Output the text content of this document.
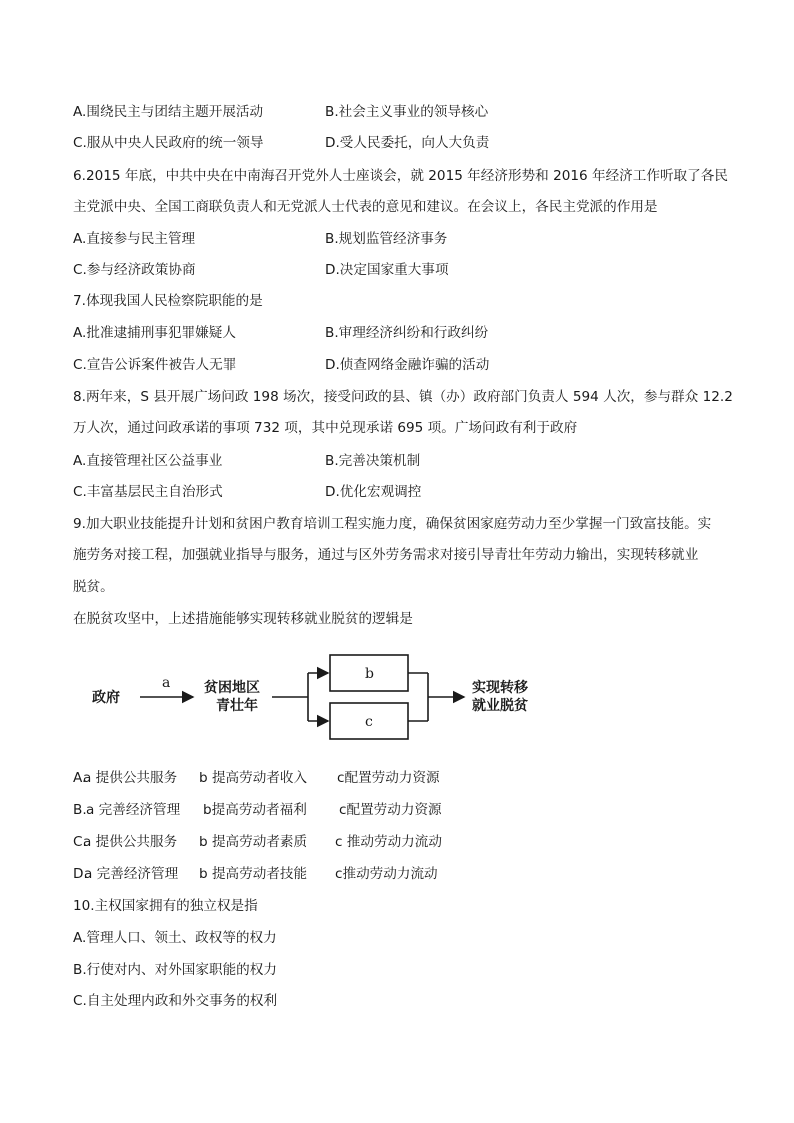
A.围绕民主与团结主题开展活动	B.社会主义事业的领导核心
C.服从中央人民政府的统一领导	D.受人民委托，向人大负责
6.2015 年底，中共中央在中南海召开党外人士座谈会，就 2015 年经济形势和 2016 年经济工作听取了各民
主党派中央、全国工商联负责人和无党派人士代表的意见和建议。在会议上，各民主党派的作用是
A.直接参与民主管理	B.规划监管经济事务
C.参与经济政策协商	D.决定国家重大事项
7.体现我国人民检察院职能的是
A.批准逮捕刑事犯罪嫌疑人	B.审理经济纠纷和行政纠纷
C.宣告公诉案件被告人无罪	D.侦查网络金融诈骗的活动
8.两年来，S 县开展广场问政 198 场次，接受问政的县、镇（办）政府部门负责人 594 人次，参与群众 12.2
万人次，通过问政承诺的事项 732 项，其中兑现承诺 695 项。广场问政有利于政府
A.直接管理社区公益事业	B.完善决策机制
C.丰富基层民主自治形式	D.优化宏观调控
9.加大职业技能提升计划和贫困户教育培训工程实施力度，确保贫困家庭劳动力至少掌握一门致富技能。实
施劳务对接工程，加强就业指导与服务，通过与区外劳务需求对接引导青壮年劳动力输出，实现转移就业
脱贫。
在脱贫攻坚中，上述措施能够实现转移就业脱贫的逻辑是
政府
a 贫困地区
青壮年
b
c
实现转移
就业脱贫
A.
a 提供公共服务 b 提高劳动者收入 c配置劳动力资源
B. a 完善经济管理 b提高劳动者福利 c配置劳动力资源
C.
a 提供公共服务 b 提高劳动者素质 c 推动劳动力流动
D.
a 完善经济管理 b 提高劳动者技能 c推动劳动力流动
10.主权国家拥有的独立权是指
A.管理人口、领土、政权等的权力
B.行使对内、对外国家职能的权力
C.自主处理内政和外交事务的权利
